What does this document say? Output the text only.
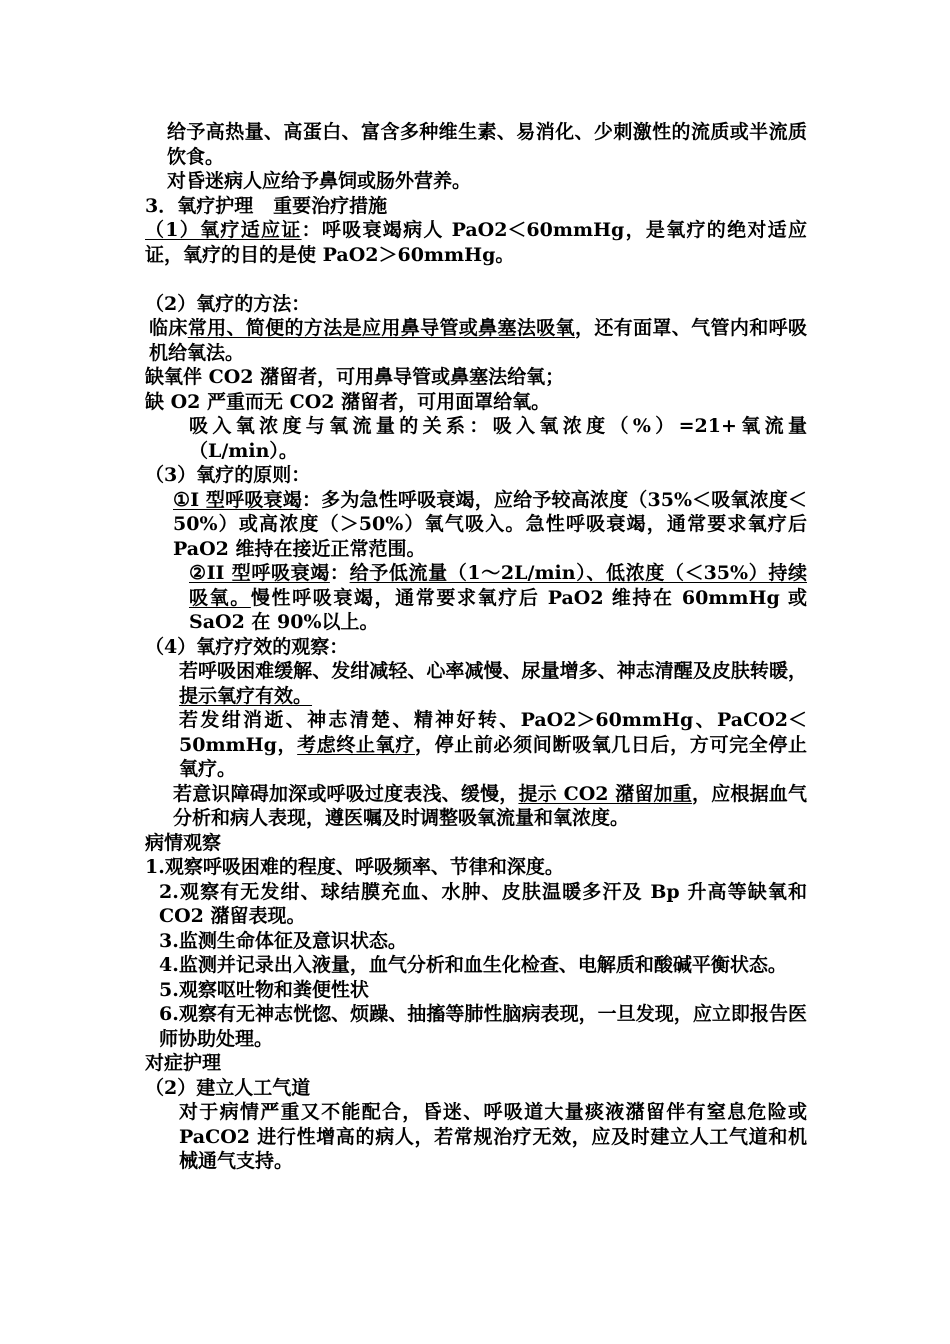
给予高热量、高蛋白、富含多种维生素、易消化、少刺激性的流质或半流质饮食。

对昏迷病人应给予鼻饲或肠外营养。

3．氧疗护理   重要治疗措施

（1）氧疗适应证：呼吸衰竭病人 PaO2＜60mmHg，是氧疗的绝对适应证，氧疗的目的是使 PaO2＞60mmHg。

（2）氧疗的方法：

临床常用、简便的方法是应用鼻导管或鼻塞法吸氧，还有面罩、气管内和呼吸机给氧法。

缺氧伴 CO2 潴留者，可用鼻导管或鼻塞法给氧；

缺 O2 严重而无 CO2 潴留者，可用面罩给氧。

吸入氧浓度与氧流量的关系：吸入氧浓度（%）=21+氧流量（L/min）。

（3）氧疗的原则：

①I 型呼吸衰竭：多为急性呼吸衰竭，应给予较高浓度（35%＜吸氧浓度＜50%）或高浓度（＞50%）氧气吸入。急性呼吸衰竭，通常要求氧疗后 PaO2 维持在接近正常范围。

②II 型呼吸衰竭：给予低流量（1～2L/min）、低浓度（＜35%）持续吸氧。慢性呼吸衰竭，通常要求氧疗后 PaO2 维持在 60mmHg 或 SaO2 在 90%以上。

（4）氧疗疗效的观察：

若呼吸困难缓解、发绀减轻、心率减慢、尿量增多、神志清醒及皮肤转暖，提示氧疗有效。

若发绀消逝、神志清楚、精神好转、PaO2＞60mmHg、PaCO2＜50mmHg，考虑终止氧疗，停止前必须间断吸氧几日后，方可完全停止氧疗。

若意识障碍加深或呼吸过度表浅、缓慢，提示 CO2 潴留加重，应根据血气分析和病人表现，遵医嘱及时调整吸氧流量和氧浓度。

病情观察

1.观察呼吸困难的程度、呼吸频率、节律和深度。

2.观察有无发绀、球结膜充血、水肿、皮肤温暖多汗及 Bp 升高等缺氧和 CO2 潴留表现。

3.监测生命体征及意识状态。

4.监测并记录出入液量，血气分析和血生化检查、电解质和酸碱平衡状态。

5.观察呕吐物和粪便性状

6.观察有无神志恍惚、烦躁、抽搐等肺性脑病表现，一旦发现，应立即报告医师协助处理。

对症护理

（2）建立人工气道

对于病情严重又不能配合，昏迷、呼吸道大量痰液潴留伴有窒息危险或 PaCO2 进行性增高的病人，若常规治疗无效，应及时建立人工气道和机械通气支持。
